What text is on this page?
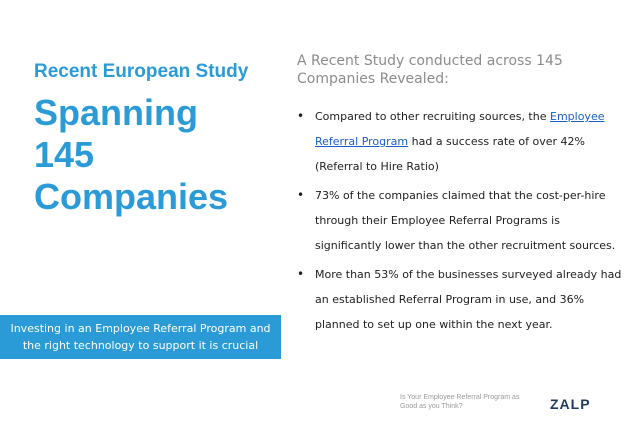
Recent European Study
Spanning
145
Companies
Investing in an Employee Referral Program and the right technology to support it is crucial

A Recent Study conducted across 145 Companies Revealed:

• Compared to other recruiting sources, the Employee Referral Program had a success rate of over 42% (Referral to Hire Ratio)
• 73% of the companies claimed that the cost-per-hire through their Employee Referral Programs is significantly lower than the other recruitment sources.
• More than 53% of the businesses surveyed already had an established Referral Program in use, and 36% planned to set up one within the next year.
Is Your Employee Referral Program as Good as you Think?	ZALP
